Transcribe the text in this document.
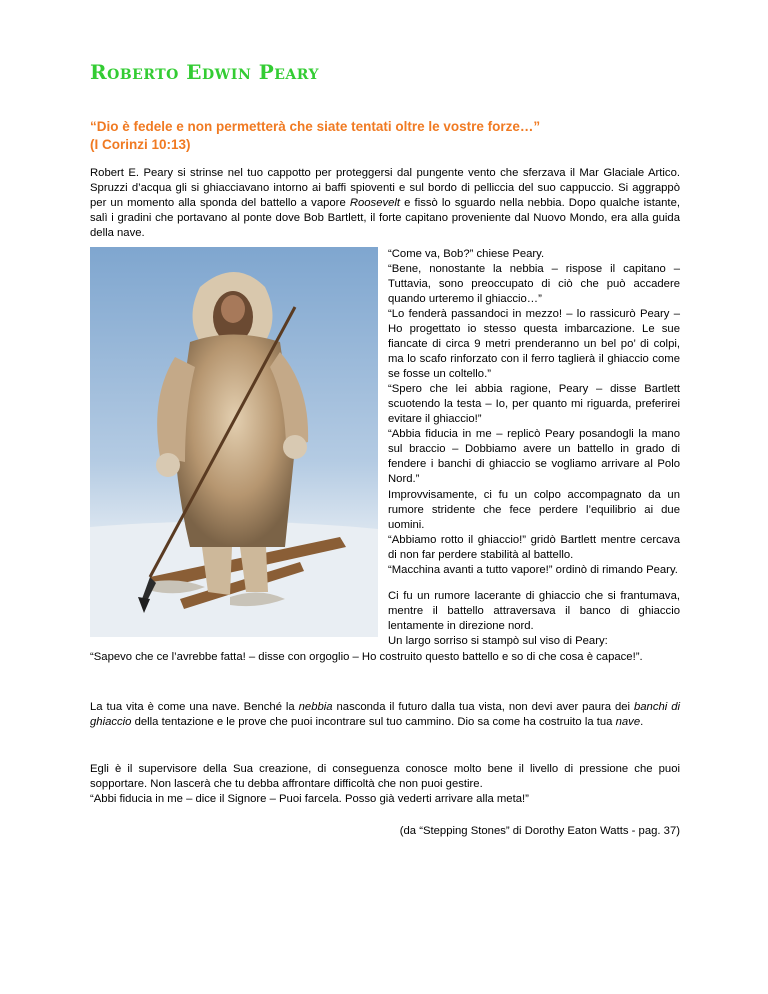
Roberto Edwin Peary
“Dio è fedele e non permetterà che siate tentati oltre le vostre forze…”
(I Corinzi 10:13)

Robert E. Peary si strinse nel tuo cappotto per proteggersi dal pungente vento che sferzava il Mar Glaciale Artico. Spruzzi d’acqua gli si ghiacciavano intorno ai baffi spioventi e sul bordo di pelliccia del suo cappuccio. Si aggrappò per un momento alla sponda del battello a vapore Roosevelt e fissò lo sguardo nella nebbia. Dopo qualche istante, salì i gradini che portavano al ponte dove Bob Bartlett, il forte capitano proveniente dal Nuovo Mondo, era alla guida della nave.

“Come va, Bob?” chiese Peary.
“Bene, nonostante la nebbia – rispose il capitano – Tuttavia, sono preoccupato di ciò che può accadere quando urteremo il ghiaccio…”
“Lo fenderà passandoci in mezzo! – lo rassicurò Peary – Ho progettato io stesso questa imbarcazione. Le sue fiancate di circa 9 metri prenderanno un bel po’ di colpi, ma lo scafo rinforzato con il ferro taglierà il ghiaccio come se fosse un coltello.”
“Spero che lei abbia ragione, Peary – disse Bartlett scuotendo la testa – Io, per quanto mi riguarda, preferirei evitare il ghiaccio!”
“Abbia fiducia in me – replicò Peary posandogli la mano sul braccio – Dobbiamo avere un battello in grado di fendere i banchi di ghiaccio se vogliamo arrivare al Polo Nord.”
Improvvisamente, ci fu un colpo accompagnato da un rumore stridente che fece perdere l’equilibrio ai due uomini.
“Abbiamo rotto il ghiaccio!” gridò Bartlett mentre cercava di non far perdere stabilità al battello.
“Macchina avanti a tutto vapore!” ordinò di rimando Peary.
Ci fu un rumore lacerante di ghiaccio che si frantumava, mentre il battello attraversava il banco di ghiaccio lentamente in direzione nord.
Un largo sorriso si stampò sul viso di Peary:

“Sapevo che ce l’avrebbe fatta! – disse con orgoglio – Ho costruito questo battello e so di che cosa è capace!”.

La tua vita è come una nave. Benché la nebbia nasconda il futuro dalla tua vista, non devi aver paura dei banchi di ghiaccio della tentazione e le prove che puoi incontrare sul tuo cammino. Dio sa come ha costruito la tua nave.

Egli è il supervisore della Sua creazione, di conseguenza conosce molto bene il livello di pressione che puoi sopportare. Non lascerà che tu debba affrontare difficoltà che non puoi gestire.
“Abbi fiducia in me – dice il Signore – Puoi farcela. Posso già vederti arrivare alla meta!”

(da “Stepping Stones” di Dorothy Eaton Watts - pag. 37)
